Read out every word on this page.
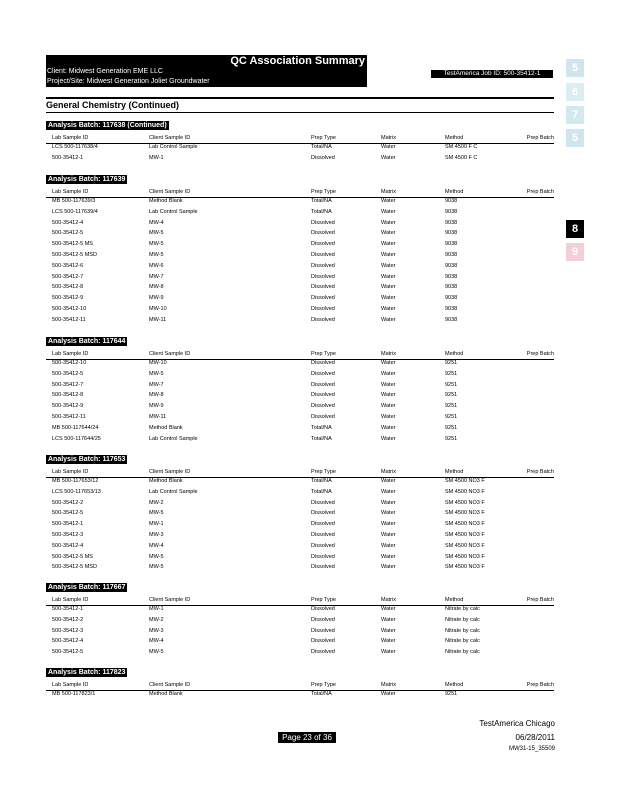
QC Association Summary
Client: Midwest Generation EME LLC
Project/Site: Midwest Generation Joliet Groundwater
TestAmerica Job ID: 500-35412-1
General Chemistry (Continued)
Analysis Batch: 117638 (Continued)
Lab Sample ID	Client Sample ID	Prep Type	Matrix	Method	Prep Batch
LCS 500-117638/4	Lab Control Sample	Total/NA	Water	SM 4500 F C
500-35412-1	MW-1	Dissolved	Water	SM 4500 F C
Analysis Batch: 117639
Lab Sample ID	Client Sample ID	Prep Type	Matrix	Method	Prep Batch
MB 500-117639/3	Method Blank	Total/NA	Water	9038
LCS 500-117639/4	Lab Control Sample	Total/NA	Water	9038
500-35412-4	MW-4	Dissolved	Water	9038
500-35412-5	MW-5	Dissolved	Water	9038
500-35412-5 MS	MW-5	Dissolved	Water	9038
500-35412-5 MSD	MW-5	Dissolved	Water	9038
500-35412-6	MW-6	Dissolved	Water	9038
500-35412-7	MW-7	Dissolved	Water	9038
500-35412-8	MW-8	Dissolved	Water	9038
500-35412-9	MW-9	Dissolved	Water	9038
500-35412-10	MW-10	Dissolved	Water	9038
500-35412-11	MW-11	Dissolved	Water	9038
Analysis Batch: 117644
Lab Sample ID	Client Sample ID	Prep Type	Matrix	Method	Prep Batch
500-35412-10	MW-10	Dissolved	Water	9251
500-35412-5	MW-5	Dissolved	Water	9251
500-35412-7	MW-7	Dissolved	Water	9251
500-35412-8	MW-8	Dissolved	Water	9251
500-35412-9	MW-9	Dissolved	Water	9251
500-35412-11	MW-11	Dissolved	Water	9251
MB 500-117644/24	Method Blank	Total/NA	Water	9251
LCS 500-117644/25	Lab Control Sample	Total/NA	Water	9251
Analysis Batch: 117653
Lab Sample ID	Client Sample ID	Prep Type	Matrix	Method	Prep Batch
MB 500-117653/12	Method Blank	Total/NA	Water	SM 4500 NO3 F
LCS 500-117653/13	Lab Control Sample	Total/NA	Water	SM 4500 NO3 F
500-35412-2	MW-2	Dissolved	Water	SM 4500 NO3 F
500-35412-5	MW-5	Dissolved	Water	SM 4500 NO3 F
500-35412-1	MW-1	Dissolved	Water	SM 4500 NO3 F
500-35412-3	MW-3	Dissolved	Water	SM 4500 NO3 F
500-35412-4	MW-4	Dissolved	Water	SM 4500 NO3 F
500-35412-5 MS	MW-5	Dissolved	Water	SM 4500 NO3 F
500-35412-5 MSD	MW-5	Dissolved	Water	SM 4500 NO3 F
Analysis Batch: 117667
Lab Sample ID	Client Sample ID	Prep Type	Matrix	Method	Prep Batch
500-35412-1	MW-1	Dissolved	Water	Nitrate by calc
500-35412-2	MW-2	Dissolved	Water	Nitrate by calc
500-35412-3	MW-3	Dissolved	Water	Nitrate by calc
500-35412-4	MW-4	Dissolved	Water	Nitrate by calc
500-35412-5	MW-5	Dissolved	Water	Nitrate by calc
Analysis Batch: 117823
Lab Sample ID	Client Sample ID	Prep Type	Matrix	Method	Prep Batch
MB 500-117823/1	Method Blank	Total/NA	Water	9251
5
6
7
5
8
9
Page 23 of 36
TestAmerica Chicago
06/28/2011
MW31-15_35509
